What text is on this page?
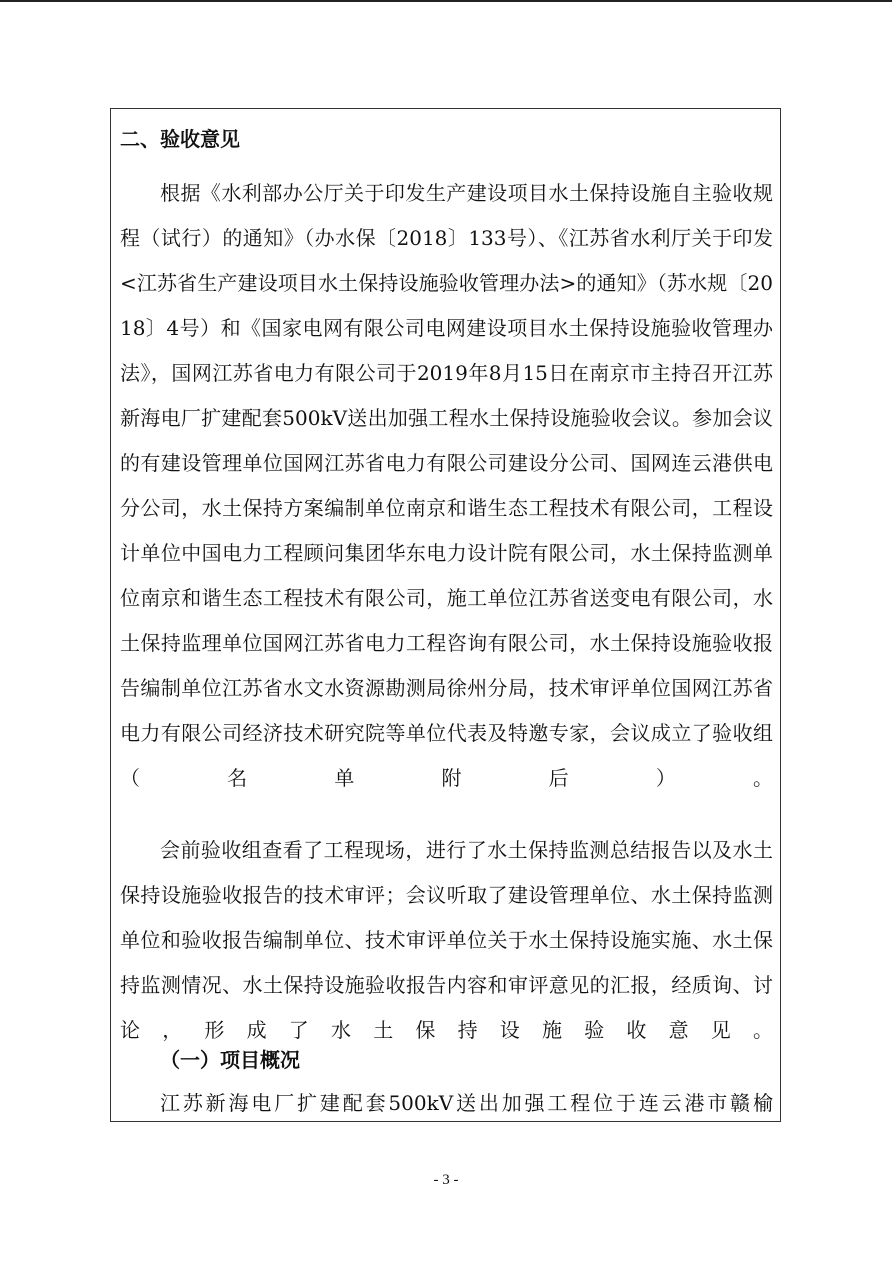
二、验收意见

根据《水利部办公厅关于印发生产建设项目水土保持设施自主验收规程（试行）的通知》（办水保〔2018〕133号）、《江苏省水利厅关于印发<江苏省生产建设项目水土保持设施验收管理办法>的通知》（苏水规〔2018〕4号）和《国家电网有限公司电网建设项目水土保持设施验收管理办法》，国网江苏省电力有限公司于2019年8月15日在南京市主持召开江苏新海电厂扩建配套500kV送出加强工程水土保持设施验收会议。参加会议的有建设管理单位国网江苏省电力有限公司建设分公司、国网连云港供电分公司，水土保持方案编制单位南京和谐生态工程技术有限公司，工程设计单位中国电力工程顾问集团华东电力设计院有限公司，水土保持监测单位南京和谐生态工程技术有限公司，施工单位江苏省送变电有限公司，水土保持监理单位国网江苏省电力工程咨询有限公司，水土保持设施验收报告编制单位江苏省水文水资源勘测局徐州分局，技术审评单位国网江苏省电力有限公司经济技术研究院等单位代表及特邀专家，会议成立了验收组（名单附后）。

会前验收组查看了工程现场，进行了水土保持监测总结报告以及水土保持设施验收报告的技术审评；会议听取了建设管理单位、水土保持监测单位和验收报告编制单位、技术审评单位关于水土保持设施实施、水土保持监测情况、水土保持设施验收报告内容和审评意见的汇报，经质询、讨论，形成了水土保持设施验收意见。

（一）项目概况

江苏新海电厂扩建配套500kV送出加强工程位于连云港市赣榆

- 3 -
